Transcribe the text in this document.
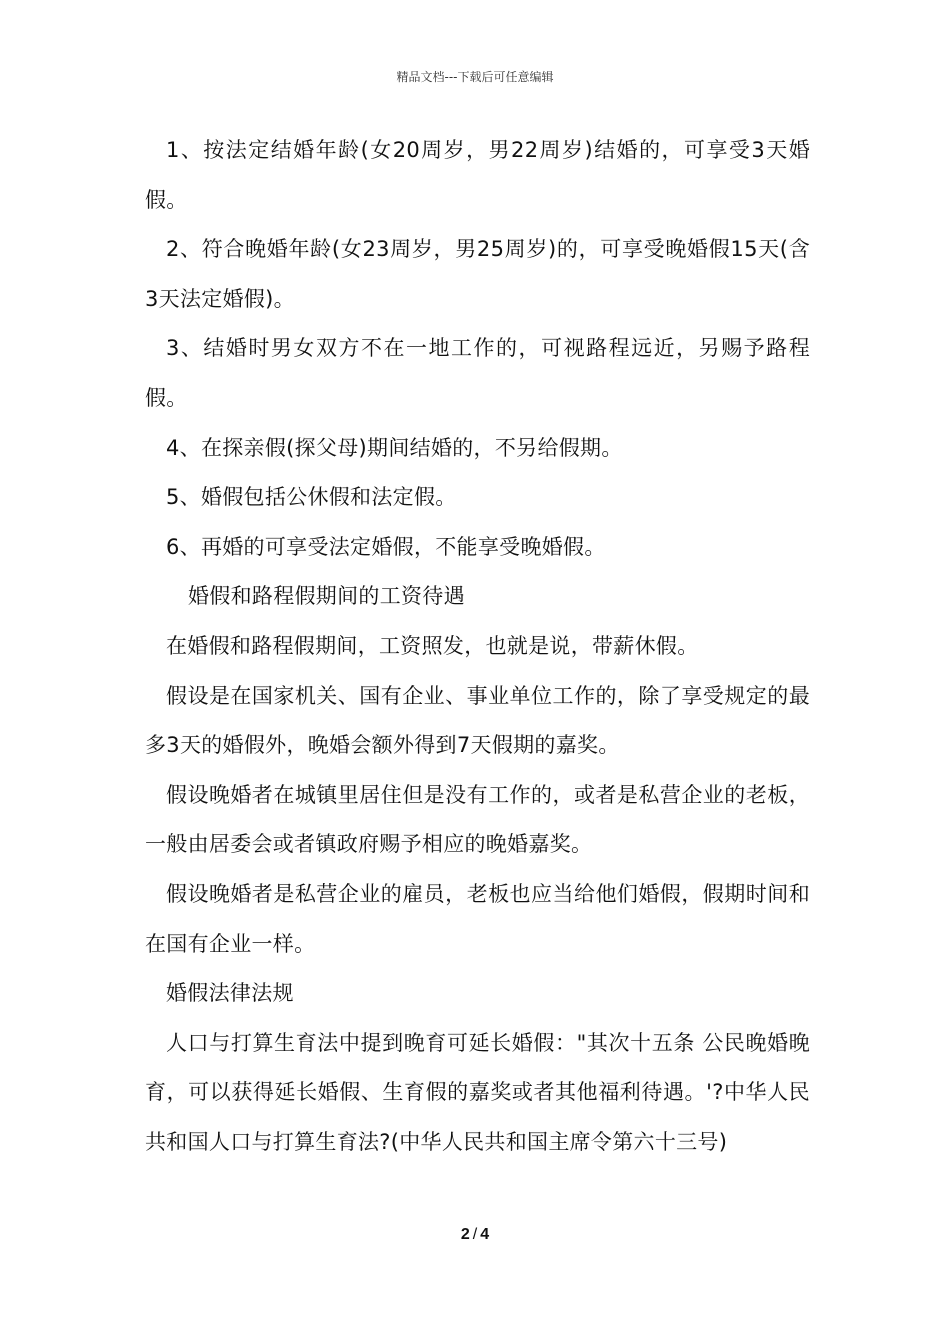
精品文档---下载后可任意编辑

1、按法定结婚年龄(女20周岁，男22周岁)结婚的，可享受3天婚假。

2、符合晚婚年龄(女23周岁，男25周岁)的，可享受晚婚假15天(含3天法定婚假)。

3、结婚时男女双方不在一地工作的，可视路程远近，另赐予路程假。

4、在探亲假(探父母)期间结婚的，不另给假期。

5、婚假包括公休假和法定假。

6、再婚的可享受法定婚假，不能享受晚婚假。

婚假和路程假期间的工资待遇

在婚假和路程假期间，工资照发，也就是说，带薪休假。

假设是在国家机关、国有企业、事业单位工作的，除了享受规定的最多3天的婚假外，晚婚会额外得到7天假期的嘉奖。

假设晚婚者在城镇里居住但是没有工作的，或者是私营企业的老板，一般由居委会或者镇政府赐予相应的晚婚嘉奖。

假设晚婚者是私营企业的雇员，老板也应当给他们婚假，假期时间和在国有企业一样。

婚假法律法规

人口与打算生育法中提到晚育可延长婚假："其次十五条 公民晚婚晚育，可以获得延长婚假、生育假的嘉奖或者其他福利待遇。'?中华人民共和国人口与打算生育法?(中华人民共和国主席令第六十三号)

2 / 4
